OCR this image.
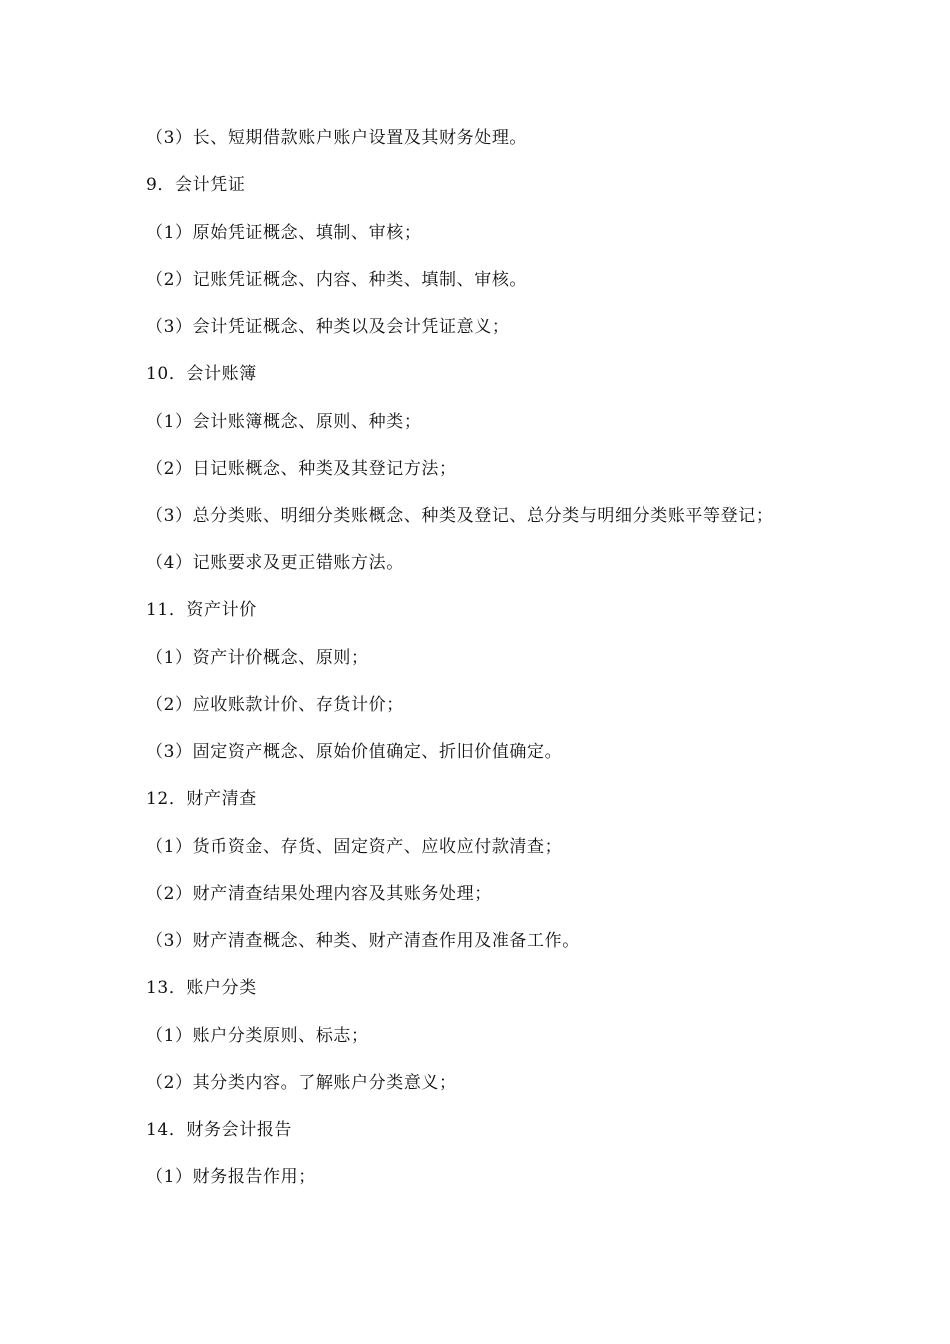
（3）长、短期借款账户账户设置及其财务处理。
9．会计凭证
（1）原始凭证概念、填制、审核；
（2）记账凭证概念、内容、种类、填制、审核。
（3）会计凭证概念、种类以及会计凭证意义；
10．会计账簿
（1）会计账簿概念、原则、种类；
（2）日记账概念、种类及其登记方法；
（3）总分类账、明细分类账概念、种类及登记、总分类与明细分类账平等登记；
（4）记账要求及更正错账方法。
11．资产计价
（1）资产计价概念、原则；
（2）应收账款计价、存货计价；
（3）固定资产概念、原始价值确定、折旧价值确定。
12．财产清查
（1）货币资金、存货、固定资产、应收应付款清查；
（2）财产清查结果处理内容及其账务处理；
（3）财产清查概念、种类、财产清查作用及准备工作。
13．账户分类
（1）账户分类原则、标志；
（2）其分类内容。了解账户分类意义；
14．财务会计报告
（1）财务报告作用；
